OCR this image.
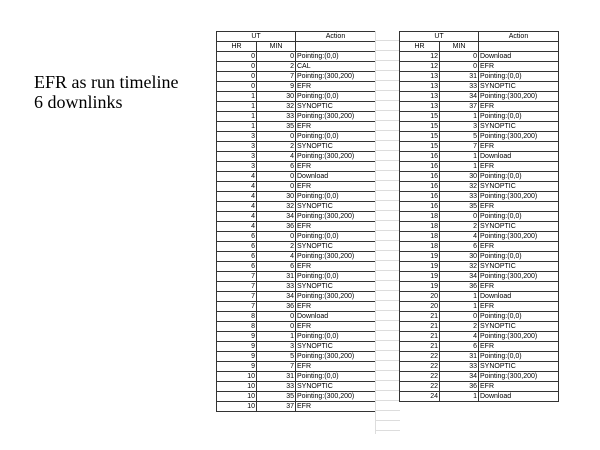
EFR as run timeline
6 downlinks
UT		Action
HR	MIN	
0	0	Pointing:(0,0)
0	2	CAL
0	7	Pointing:(300,200)
0	9	EFR
1	30	Pointing:(0,0)
1	32	SYNOPTIC
1	33	Pointing:(300,200)
1	35	EFR
3	0	Pointing:(0,0)
3	2	SYNOPTIC
3	4	Pointing:(300,200)
3	6	EFR
4	0	Download
4	0	EFR
4	30	Pointing:(0,0)
4	32	SYNOPTIC
4	34	Pointing:(300,200)
4	36	EFR
6	0	Pointing:(0,0)
6	2	SYNOPTIC
6	4	Pointing:(300,200)
6	6	EFR
7	31	Pointing:(0,0)
7	33	SYNOPTIC
7	34	Pointing:(300,200)
7	36	EFR
8	0	Download
8	0	EFR
9	1	Pointing:(0,0)
9	3	SYNOPTIC
9	5	Pointing:(300,200)
9	7	EFR
10	31	Pointing:(0,0)
10	33	SYNOPTIC
10	35	Pointing:(300,200)
10	37	EFR
UT		Action
HR	MIN	
12	0	Download
12	0	EFR
13	31	Pointing:(0,0)
13	33	SYNOPTIC
13	34	Pointing:(300,200)
13	37	EFR
15	1	Pointing:(0,0)
15	3	SYNOPTIC
15	5	Pointing:(300,200)
15	7	EFR
16	1	Download
16	1	EFR
16	30	Pointing:(0,0)
16	32	SYNOPTIC
16	33	Pointing:(300,200)
16	35	EFR
18	0	Pointing:(0,0)
18	2	SYNOPTIC
18	4	Pointing:(300,200)
18	6	EFR
19	30	Pointing:(0,0)
19	32	SYNOPTIC
19	34	Pointing:(300,200)
19	36	EFR
20	1	Download
20	1	EFR
21	0	Pointing:(0,0)
21	2	SYNOPTIC
21	4	Pointing:(300,200)
21	6	EFR
22	31	Pointing:(0,0)
22	33	SYNOPTIC
22	34	Pointing:(300,200)
22	36	EFR
24	1	Download
